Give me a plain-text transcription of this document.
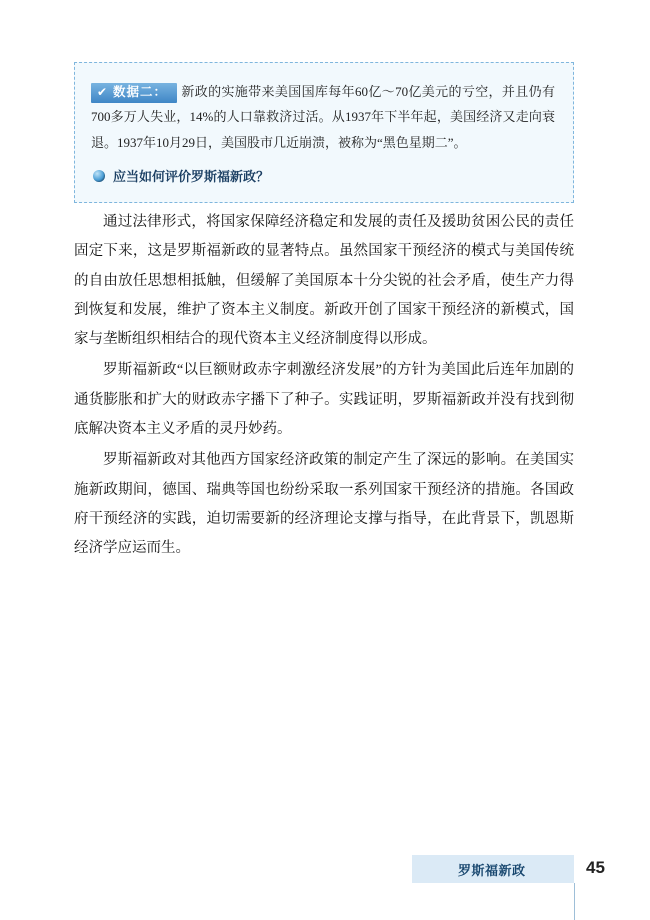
✔ 数据二： 新政的实施带来美国国库每年60亿～70亿美元的亏空，并且仍有700多万人失业，14%的人口靠救济过活。从1937年下半年起，美国经济又走向衰退。1937年10月29日，美国股市几近崩溃，被称为“黑色星期二”。

应当如何评价罗斯福新政？

通过法律形式，将国家保障经济稳定和发展的责任及援助贫困公民的责任固定下来，这是罗斯福新政的显著特点。虽然国家干预经济的模式与美国传统的自由放任思想相抵触，但缓解了美国原本十分尖锐的社会矛盾，使生产力得到恢复和发展，维护了资本主义制度。新政开创了国家干预经济的新模式，国家与垄断组织相结合的现代资本主义经济制度得以形成。

罗斯福新政“以巨额财政赤字刺激经济发展”的方针为美国此后连年加剧的通货膨胀和扩大的财政赤字播下了种子。实践证明，罗斯福新政并没有找到彻底解决资本主义矛盾的灵丹妙药。

罗斯福新政对其他西方国家经济政策的制定产生了深远的影响。在美国实施新政期间，德国、瑞典等国也纷纷采取一系列国家干预经济的措施。各国政府干预经济的实践，迫切需要新的经济理论支撑与指导，在此背景下，凯恩斯经济学应运而生。

罗斯福新政	45
